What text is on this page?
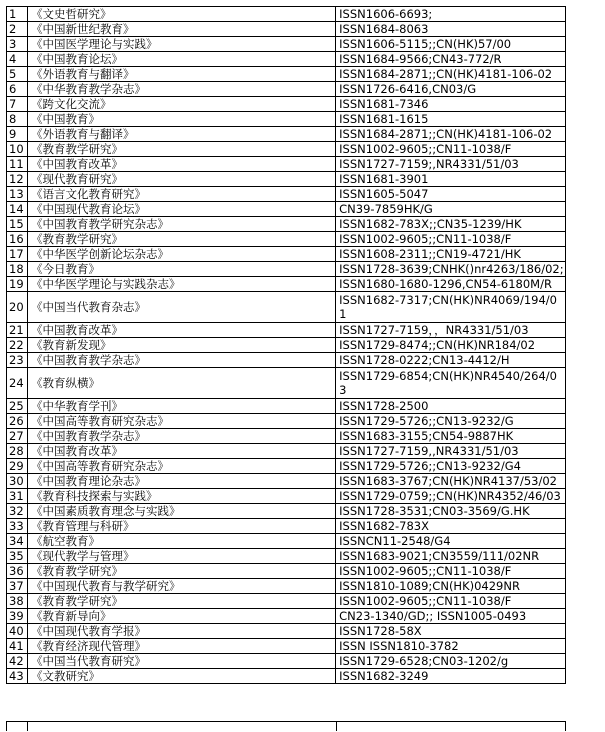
1	《文史哲研究》	ISSN1606-6693;
2	《中国新世纪教育》	ISSN1684-8063
3	《中国医学理论与实践》	ISSN1606-5115;;CN(HK)57/00
4	《中国教育论坛》	ISSN1684-9566;CN43-772/R
5	《外语教育与翻译》	ISSN1684-2871;;CN(HK)4181-106-02
6	《中华教育教学杂志》	ISSN1726-6416,CN03/G
7	《跨文化交流》	ISSN1681-7346
8	《中国教育》	ISSN1681-1615
9	《外语教育与翻译》	ISSN1684-2871;;CN(HK)4181-106-02
10	《教育教学研究》	ISSN1002-9605;;CN11-1038/F
11	《中国教育改革》	ISSN1727-7159;,NR4331/51/03
12	《现代教育研究》	ISSN1681-3901
13	《语言文化教育研究》	ISSN1605-5047
14	《中国现代教育论坛》	CN39-7859HK/G
15	《中国教育教学研究杂志》	ISSN1682-783X;;CN35-1239/HK
16	《教育教学研究》	ISSN1002-9605;;CN11-1038/F
17	《中华医学创新论坛杂志》	ISSN1608-2311;;CN19-4721/HK
18	《今日教育》	ISSN1728-3639;CNHK()nr4263/186/02;
19	《中华医学理论与实践杂志》	ISSN1680-1680-1296,CN54-6180M/R
20	《中国当代教育杂志》	ISSN1682-7317;CN(HK)NR4069/194/01
21	《中国教育改革》	ISSN1727-7159，，NR4331/51/03
22	《教育新发现》	ISSN1729-8474;;CN(HK)NR184/02
23	《中国教育教学杂志》	ISSN1728-0222;CN13-4412/H
24	《教育纵横》	ISSN1729-6854;CN(HK)NR4540/264/03
25	《中华教育学刊》	ISSN1728-2500
26	《中国高等教育研究杂志》	ISSN1729-5726;;CN13-9232/G
27	《中国教育教学杂志》	ISSN1683-3155;CN54-9887HK
28	《中国教育改革》	ISSN1727-7159,,NR4331/51/03
29	《中国高等教育研究杂志》	ISSN1729-5726;;CN13-9232/G4
30	《中国教育理论杂志》	ISSN1683-3767;CN(HK)NR4137/53/02
31	《教育科技探索与实践》	ISSN1729-0759;;CN(HK)NR4352/46/03
32	《中国素质教育理念与实践》	ISSN1728-3531;CN03-3569/G.HK
33	《教育管理与科研》	ISSN1682-783X
34	《航空教育》	ISSNCN11-2548/G4
35	《现代教学与管理》	ISSN1683-9021;CN3559/111/02NR
36	《教育教学研究》	ISSN1002-9605;;CN11-1038/F
37	《中国现代教育与教学研究》	ISSN1810-1089;CN(HK)0429NR
38	《教育教学研究》	ISSN1002-9605;;CN11-1038/F
39	《教育新导向》	CN23-1340/GD;; ISSN1005-0493
40	《中国现代教育学报》	ISSN1728-58X
41	《教育经济现代管理》	ISSN ISSN1810-3782
42	《中国当代教育研究》	ISSN1729-6528;CN03-1202/g
43	《文教研究》	ISSN1682-3249
